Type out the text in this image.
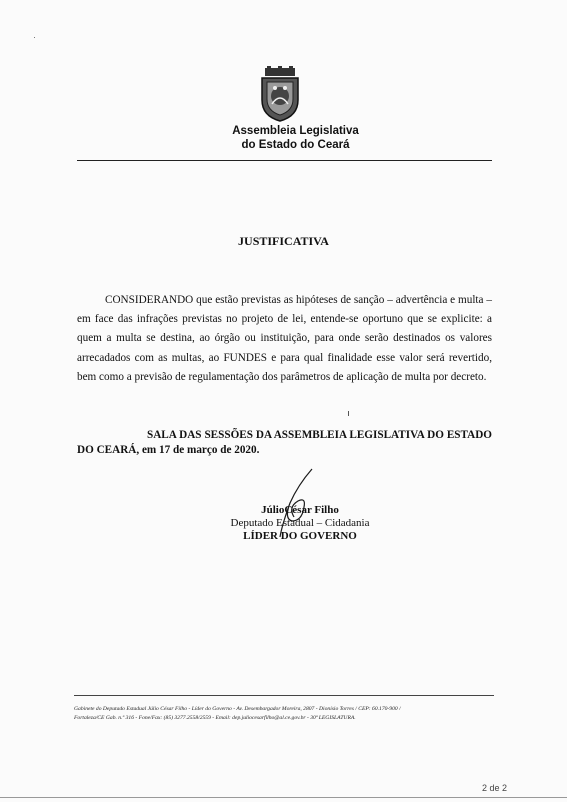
Assembleia Legislativa
do Estado do Ceará
JUSTIFICATIVA

CONSIDERANDO que estão previstas as hipóteses de sanção – advertência e multa – em face das infrações previstas no projeto de lei, entende-se oportuno que se explicite: a quem a multa se destina, ao órgão ou instituição, para onde serão destinados os valores arrecadados com as multas, ao FUNDES e para qual finalidade esse valor será revertido, bem como a previsão de regulamentação dos parâmetros de aplicação de multa por decreto.

SALA DAS SESSÕES DA ASSEMBLEIA LEGISLATIVA DO ESTADO DO CEARÁ, em 17 de março de 2020.

JúlioCésar Filho
Deputado Estadual – Cidadania
LÍDER DO GOVERNO
Gabinete do Deputado Estadual Júlio César Filho - Líder do Governo - Av. Desembargador Moreira, 2807 - Dionísio Torres / CEP: 60.170-900 /
Fortaleza/CE Gab. n.º 316 - Fone/Fax: (85) 3277.2558/2559 - Email: dep.juliocesarfilho@al.ce.gov.br - 30ª LEGISLATURA.
2 de 2
